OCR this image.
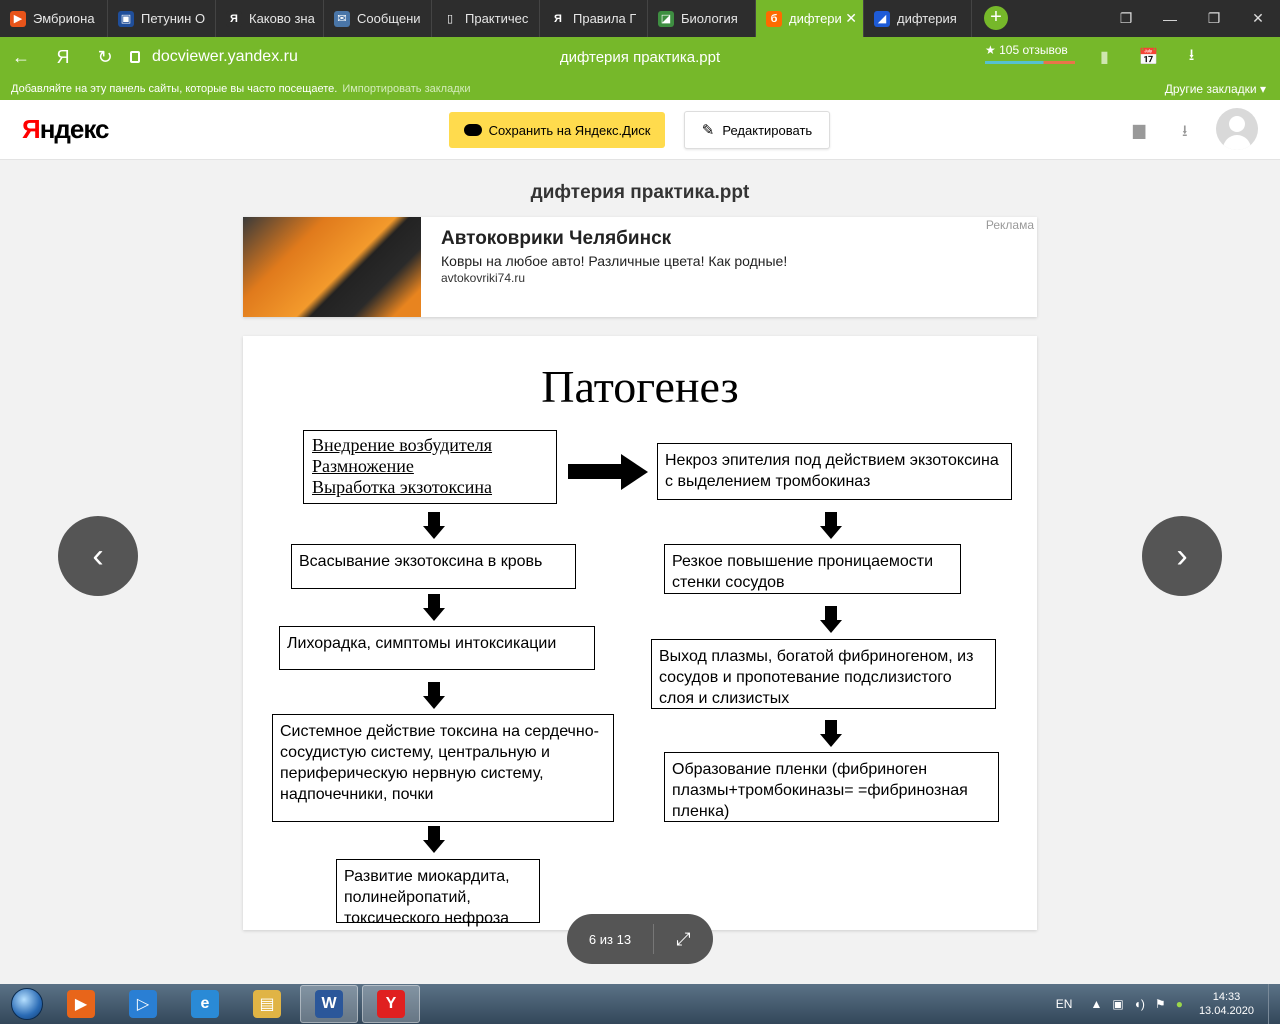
▶ Эмбриона ▣ Петунин О	Я Каково зна	✉ Сообщени	▯ Практичес	Я Правила Г ◪ Биология	б дифтери ✕	◢ дифтерия	+	❐	—	❐	✕
←	Я	↻	docviewer.yandex.ru	дифтерия практика.ppt	★ 105 отзывов	▮ 📅 ⭳
Добавляйте на эту панель сайты, которые вы часто посещаете. Импортировать закладки	Другие закладки ▾
Яндекс	Сохранить на Яндекс.Диск	✎ Редактировать	▆ ⭳
дифтерия практика.ppt
Реклама
Автоковрики Челябинск
Ковры на любое авто! Различные цвета! Как родные!
avtokovriki74.ru
Патогенез
Внедрение возбудителя
Размножение
Выработка экзотоксина
Всасывание экзотоксина в кровь
Лихорадка, симптомы интоксикации
Системное действие токсина на сердечно-сосудистую систему, центральную и периферическую нервную систему, надпочечники, почки
Развитие миокардита, полинейропатий, токсического нефроза
Некроз эпителия под действием экзотоксина с выделением тромбокиназ
Резкое повышение проницаемости стенки сосудов
Выход плазмы, богатой фибриногеном, из сосудов и пропотевание подслизистого слоя и слизистых
Образование пленки (фибриноген плазмы+тромбокиназы= =фибринозная пленка)
‹	›
6 из 13	⤢
▶	▷	e	▤	W	Y	EN ▲ ▣ ◖) ⚑ ●	14:33
13.04.2020
